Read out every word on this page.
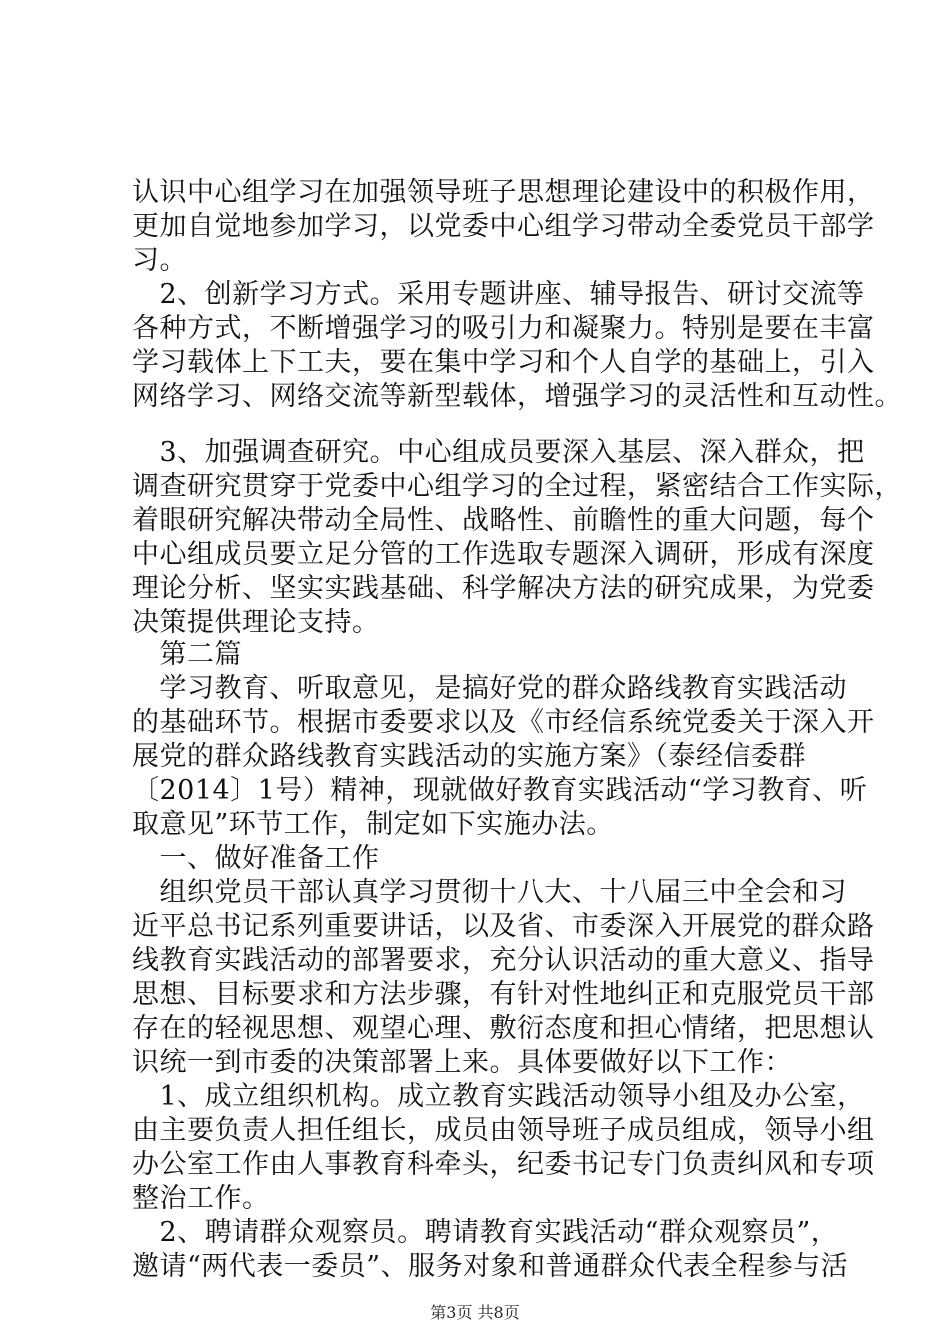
认识中心组学习在加强领导班子思想理论建设中的积极作用，
更加自觉地参加学习，以党委中心组学习带动全委党员干部学
习。
　2、创新学习方式。采用专题讲座、辅导报告、研讨交流等
各种方式，不断增强学习的吸引力和凝聚力。特别是要在丰富
学习载体上下工夫，要在集中学习和个人自学的基础上，引入
网络学习、网络交流等新型载体，增强学习的灵活性和互动性。
　3、加强调查研究。中心组成员要深入基层、深入群众，把
调查研究贯穿于党委中心组学习的全过程，紧密结合工作实际，
着眼研究解决带动全局性、战略性、前瞻性的重大问题，每个
中心组成员要立足分管的工作选取专题深入调研，形成有深度
理论分析、坚实实践基础、科学解决方法的研究成果，为党委
决策提供理论支持。
　第二篇
　学习教育、听取意见，是搞好党的群众路线教育实践活动
的基础环节。根据市委要求以及《市经信系统党委关于深入开
展党的群众路线教育实践活动的实施方案》（泰经信委群
〔2014〕1号）精神，现就做好教育实践活动“学习教育、听
取意见”环节工作，制定如下实施办法。
　一、做好准备工作
　组织党员干部认真学习贯彻十八大、十八届三中全会和习
近平总书记系列重要讲话，以及省、市委深入开展党的群众路
线教育实践活动的部署要求，充分认识活动的重大意义、指导
思想、目标要求和方法步骤，有针对性地纠正和克服党员干部
存在的轻视思想、观望心理、敷衍态度和担心情绪，把思想认
识统一到市委的决策部署上来。具体要做好以下工作：
　1、成立组织机构。成立教育实践活动领导小组及办公室，
由主要负责人担任组长，成员由领导班子成员组成，领导小组
办公室工作由人事教育科牵头，纪委书记专门负责纠风和专项
整治工作。
　2、聘请群众观察员。聘请教育实践活动“群众观察员”，
邀请“两代表一委员”、服务对象和普通群众代表全程参与活
第3页 共8页
